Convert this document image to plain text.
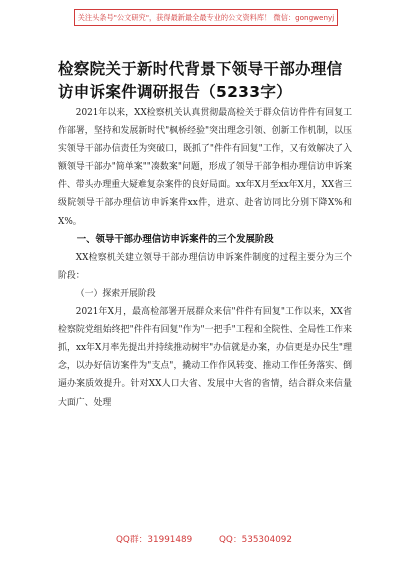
关注头条号"公文研究"，获得最新最全最专业的公文资料库！ 微信：gongwenyj
检察院关于新时代背景下领导干部办理信访申诉案件调研报告（5233字）

2021年以来，XX检察机关认真贯彻最高检关于群众信访件件有回复工作部署，坚持和发展新时代"枫桥经验"突出理念引领、创新工作机制，以压实领导干部办信责任为突破口，既抓了"件件有回复"工作，又有效解决了入额领导干部办"简单案""凑数案"问题，形成了领导干部争相办理信访申诉案件、带头办理重大疑难复杂案件的良好局面。xx年X月至xx年X月，XX省三级院领导干部办理信访申诉案件xx件，进京、赴省访同比分别下降X%和X%。

一、领导干部办理信访申诉案件的三个发展阶段

XX检察机关建立领导干部办理信访申诉案件制度的过程主要分为三个阶段：

（一）探索开展阶段

2021年X月，最高检部署开展群众来信"件件有回复"工作以来，XX省检察院党组始终把"件件有回复"作为"一把手"工程和全院性、全局性工作来抓，xx年X月率先提出并持续推动树牢"办信就是办案，办信更是办民生"理念，以办好信访案件为"支点"，撬动工作作风转变、推动工作任务落实、倒逼办案质效提升。针对XX人口大省、发展中大省的省情，结合群众来信量大面广、处理

QQ群：31991489	QQ：535304092
